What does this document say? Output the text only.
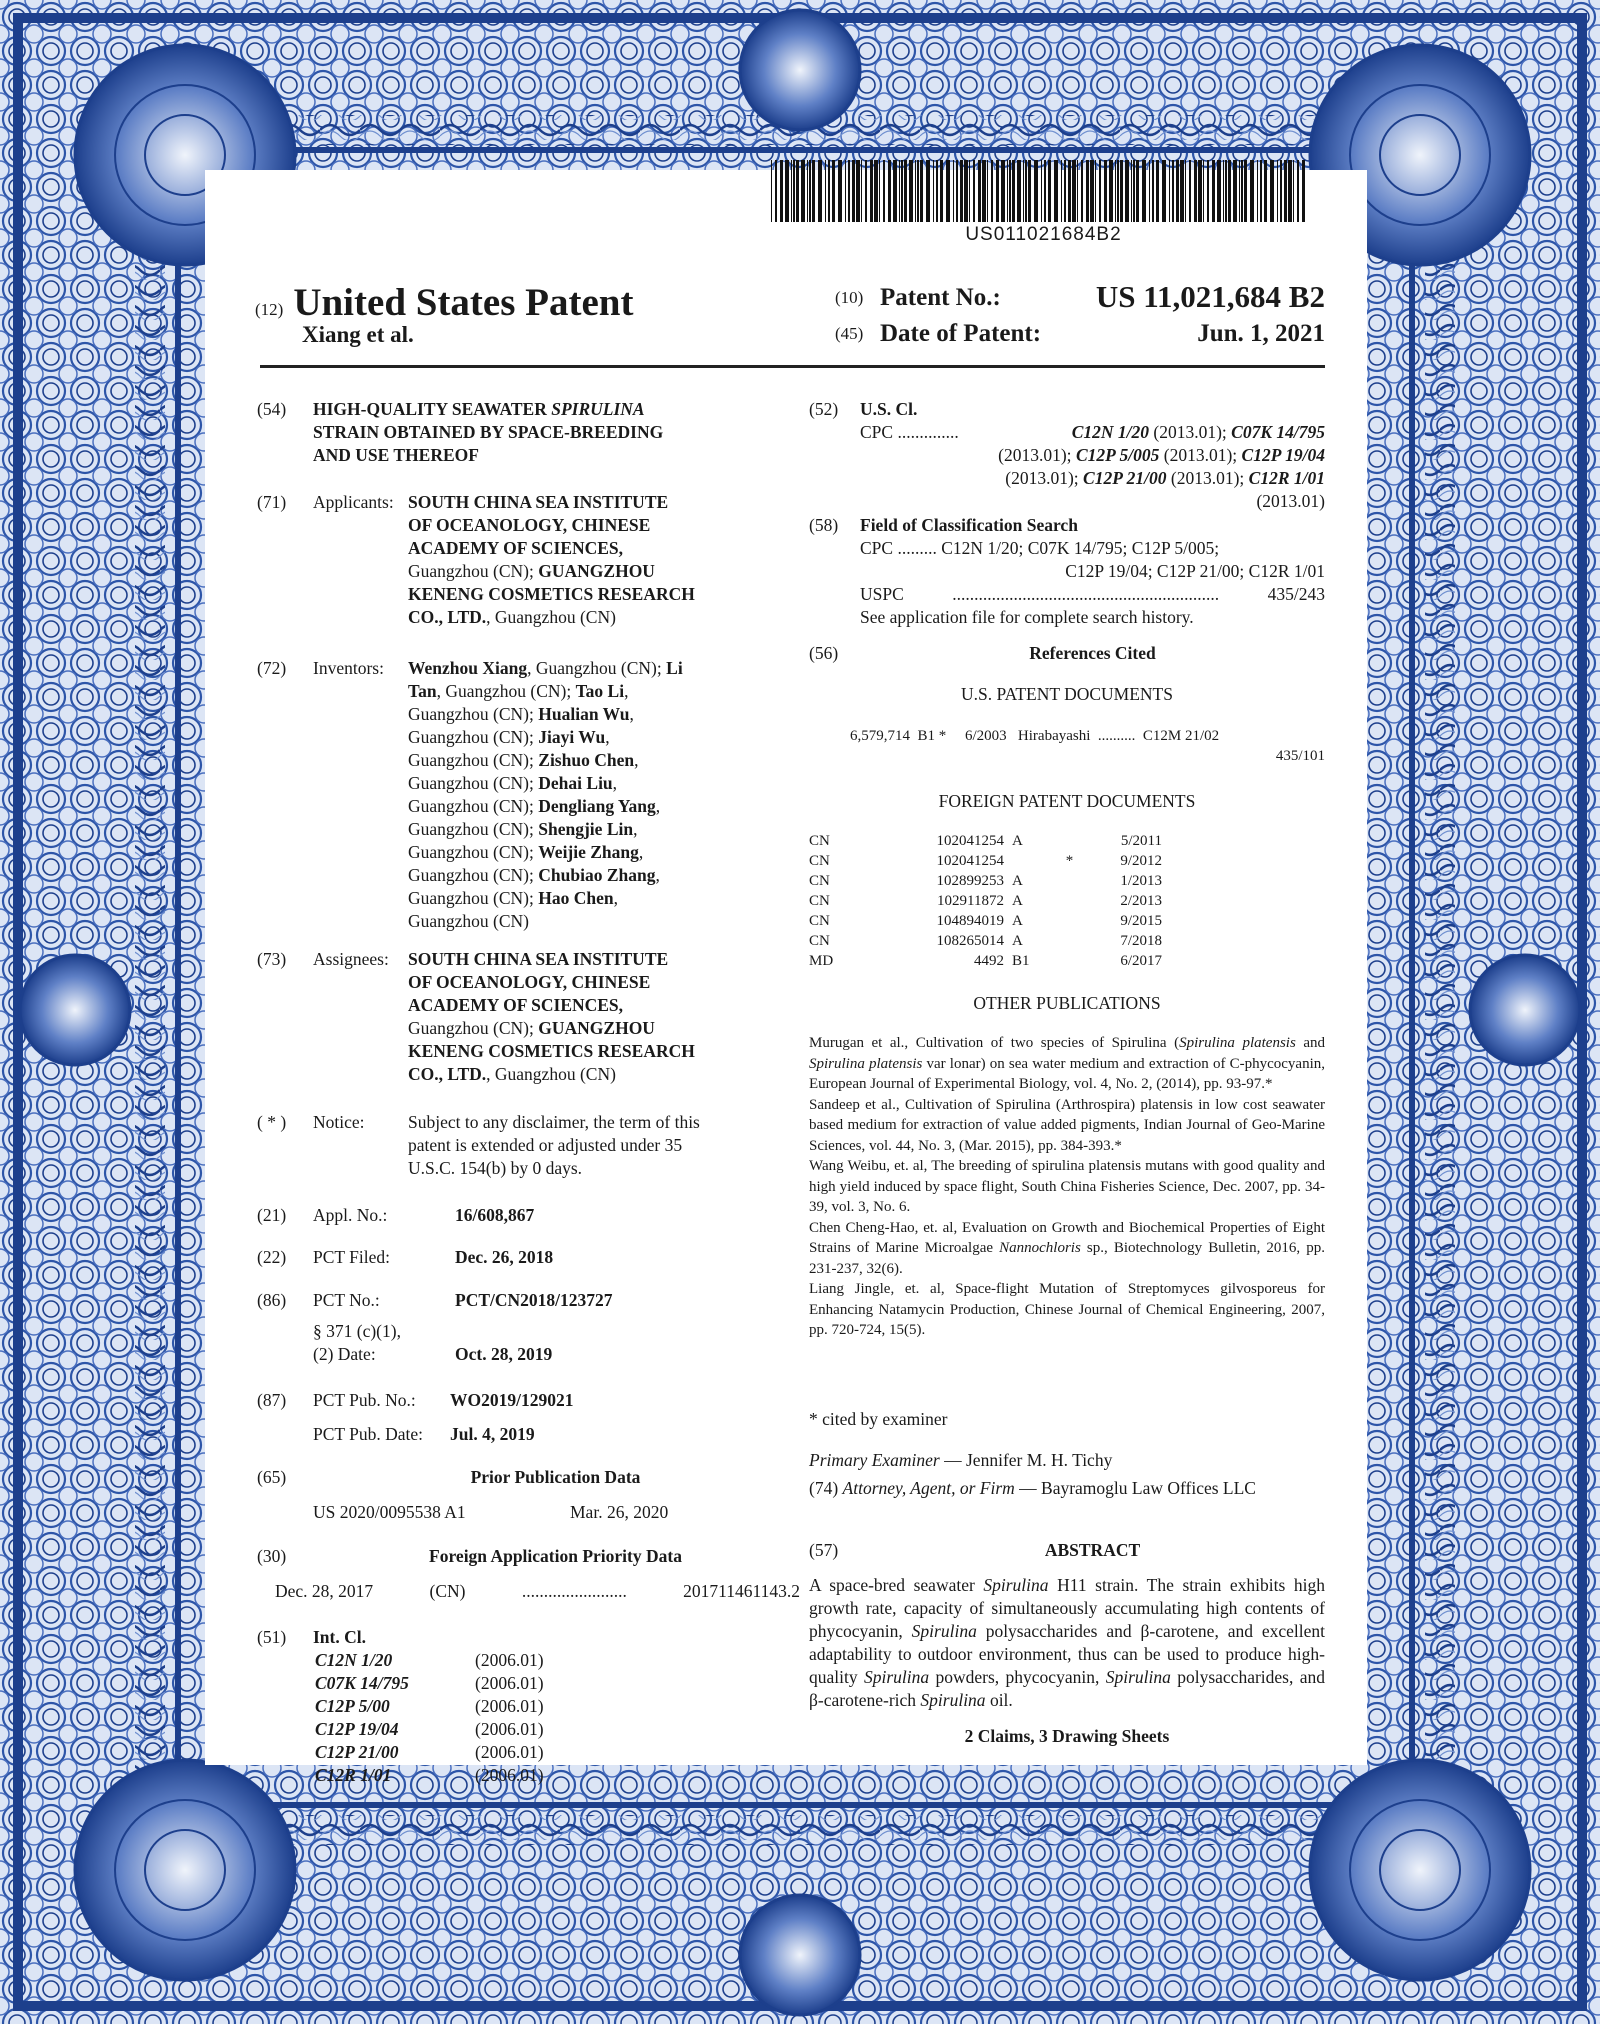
US011021684B2
(12) United States Patent
Xiang et al.
(10) Patent No.:	US 11,021,684 B2
(45) Date of Patent:	Jun. 1, 2021
(54) HIGH-QUALITY SEAWATER SPIRULINA
STRAIN OBTAINED BY SPACE-BREEDING
AND USE THEREOF
(71) Applicants: SOUTH CHINA SEA INSTITUTE
OF OCEANOLOGY, CHINESE
ACADEMY OF SCIENCES,
Guangzhou (CN); GUANGZHOU
KENENG COSMETICS RESEARCH
CO., LTD., Guangzhou (CN)
(72) Inventors: Wenzhou Xiang, Guangzhou (CN); Li
Tan, Guangzhou (CN); Tao Li,
Guangzhou (CN); Hualian Wu,
Guangzhou (CN); Jiayi Wu,
Guangzhou (CN); Zishuo Chen,
Guangzhou (CN); Dehai Liu,
Guangzhou (CN); Dengliang Yang,
Guangzhou (CN); Shengjie Lin,
Guangzhou (CN); Weijie Zhang,
Guangzhou (CN); Chubiao Zhang,
Guangzhou (CN); Hao Chen,
Guangzhou (CN)
(73) Assignees: SOUTH CHINA SEA INSTITUTE
OF OCEANOLOGY, CHINESE
ACADEMY OF SCIENCES,
Guangzhou (CN); GUANGZHOU
KENENG COSMETICS RESEARCH
CO., LTD., Guangzhou (CN)
( * ) Notice: Subject to any disclaimer, the term of this
patent is extended or adjusted under 35
U.S.C. 154(b) by 0 days.
(21) Appl. No.:	16/608,867
(22) PCT Filed:	Dec. 26, 2018
(86) PCT No.:	PCT/CN2018/123727
§ 371 (c)(1),
(2) Date:	Oct. 28, 2019
(87) PCT Pub. No.: WO2019/129021
PCT Pub. Date: Jul. 4, 2019
(65)	Prior Publication Data
US 2020/0095538 A1	Mar. 26, 2020
(30)	Foreign Application Priority Data
Dec. 28, 2017	(CN)	........................	201711461143.2
(51) Int. Cl.
C12N 1/20	(2006.01)
C07K 14/795	(2006.01)
C12P 5/00	(2006.01)
C12P 19/04	(2006.01)
C12P 21/00	(2006.01)
C12R 1/01	(2006.01)
(52) U.S. Cl.
CPC ..............	C12N 1/20 (2013.01); C07K 14/795
(2013.01); C12P 5/005 (2013.01); C12P 19/04
(2013.01); C12P 21/00 (2013.01); C12R 1/01
(2013.01)
(58) Field of Classification Search
CPC ......... C12N 1/20; C07K 14/795; C12P 5/005;
C12P 19/04; C12P 21/00; C12R 1/01
USPC	.............................................................	435/243
See application file for complete search history.
(56)	References Cited
U.S. PATENT DOCUMENTS
6,579,714  B1 *     6/2003   Hirabayashi  ..........  C12M 21/02
435/101
FOREIGN PATENT DOCUMENTS
CN	102041254	A		5/2011
CN	102041254		*	9/2012
CN	102899253	A		1/2013
CN	102911872	A		2/2013
CN	104894019	A		9/2015
CN	108265014	A		7/2018
MD	4492	B1		6/2017
OTHER PUBLICATIONS
Murugan et al., Cultivation of two species of Spirulina (Spirulina platensis and Spirulina platensis var lonar) on sea water medium and extraction of C-phycocyanin, European Journal of Experimental Biology, vol. 4, No. 2, (2014), pp. 93-97.*
Sandeep et al., Cultivation of Spirulina (Arthrospira) platensis in low cost seawater based medium for extraction of value added pigments, Indian Journal of Geo-Marine Sciences, vol. 44, No. 3, (Mar. 2015), pp. 384-393.*
Wang Weibu, et. al, The breeding of spirulina platensis mutans with good quality and high yield induced by space flight, South China Fisheries Science, Dec. 2007, pp. 34-39, vol. 3, No. 6.
Chen Cheng-Hao, et. al, Evaluation on Growth and Biochemical Properties of Eight Strains of Marine Microalgae Nannochloris sp., Biotechnology Bulletin, 2016, pp. 231-237, 32(6).
Liang Jingle, et. al, Space-flight Mutation of Streptomyces gilvosporeus for Enhancing Natamycin Production, Chinese Journal of Chemical Engineering, 2007, pp. 720-724, 15(5).
* cited by examiner
Primary Examiner — Jennifer M. H. Tichy
(74) Attorney, Agent, or Firm — Bayramoglu Law Offices LLC
(57)	ABSTRACT
A space-bred seawater Spirulina H11 strain. The strain exhibits high growth rate, capacity of simultaneously accumulating high contents of phycocyanin, Spirulina polysaccharides and β-carotene, and excellent adaptability to outdoor environment, thus can be used to produce high-quality Spirulina powders, phycocyanin, Spirulina polysaccharides, and β-carotene-rich Spirulina oil.
2 Claims, 3 Drawing Sheets
